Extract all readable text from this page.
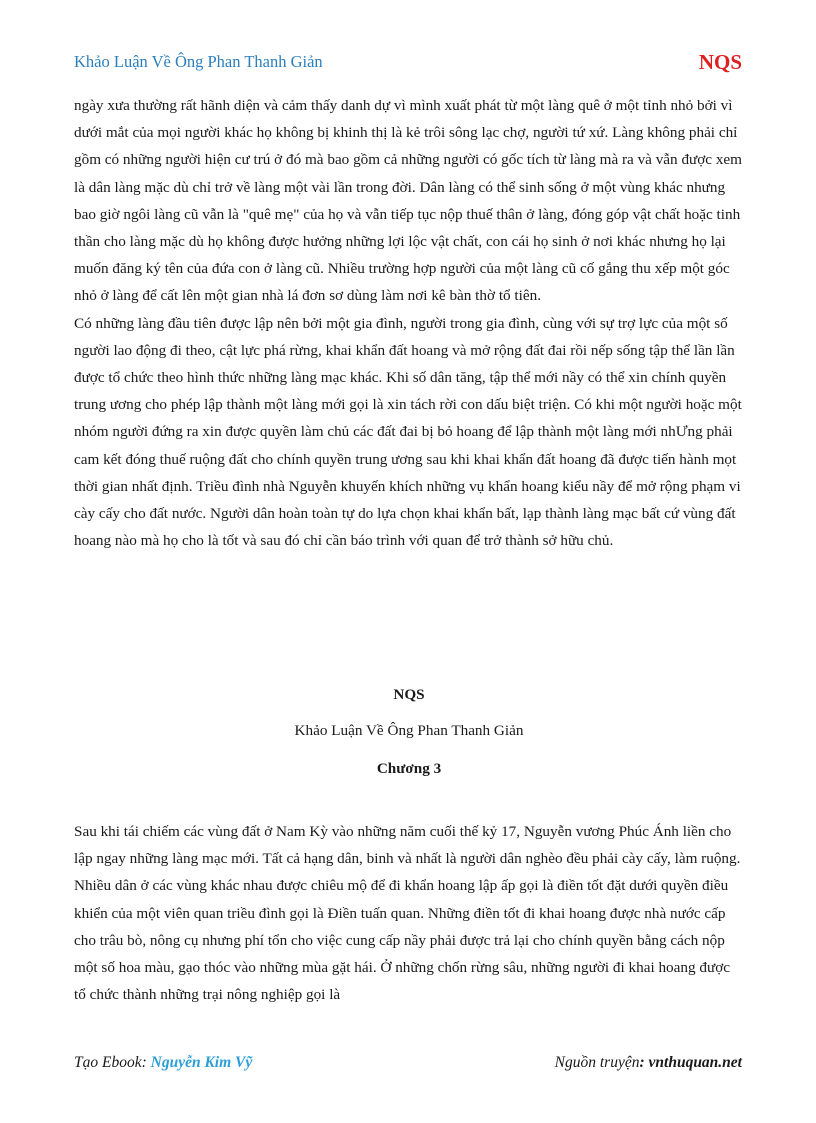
Khảo Luận Về Ông Phan Thanh Giản	NQS

ngày xưa thường rất hãnh diện và cảm thấy danh dự vì mình xuất phát từ một làng quê ở một tỉnh nhỏ bởi vì dưới mắt của mọi người khác họ không bị khinh thị là kẻ trôi sông lạc chợ, người tứ xứ. Làng không phải chỉ gồm có những người hiện cư trú ở đó mà bao gồm cả những người có gốc tích từ làng mà ra và vẫn được xem là dân làng mặc dù chỉ trở về làng một vài lần trong đời. Dân làng có thể sinh sống ở một vùng khác nhưng bao giờ ngôi làng cũ vẫn là "quê mẹ" của họ và vẫn tiếp tục nộp thuế thân ở làng, đóng góp vật chất hoặc tinh thần cho làng mặc dù họ không được hưởng những lợi lộc vật chất, con cái họ sinh ở nơi khác nhưng họ lại muốn đăng ký tên của đứa con ở làng cũ. Nhiều trường hợp người của một làng cũ cố gắng thu xếp một góc nhỏ ở làng để cất lên một gian nhà lá đơn sơ dùng làm nơi kê bàn thờ tổ tiên.

Có những làng đầu tiên được lập nên bởi một gia đình, người trong gia đình, cùng với sự trợ lực của một số người lao động đi theo, cật lực phá rừng, khai khẩn đất hoang và mở rộng đất đai rồi nếp sống tập thể lần lần được tổ chức theo hình thức những làng mạc khác. Khi số dân tăng, tập thể mới nầy có thể xin chính quyền trung ương cho phép lập thành một làng mới gọi là xin tách rời con dấu biệt triện. Có khi một người hoặc một nhóm người đứng ra xin được quyền làm chủ các đất đai bị bỏ hoang để lập thành một làng mới nhƯng phải cam kết đóng thuế ruộng đất cho chính quyền trung ương sau khi khai khẩn đất hoang đã được tiến hành mọt thời gian nhất định. Triều đình nhà Nguyễn khuyến khích những vụ khẩn hoang kiểu nầy để mở rộng phạm vi cày cấy cho đất nước. Người dân hoàn toàn tự do lựa chọn khai khẩn bất, lạp thành làng mạc bất cứ vùng đất hoang nào mà họ cho là tốt và sau đó chỉ cần báo trình với quan để trở thành sở hữu chủ.

NQS
Khảo Luận Về Ông Phan Thanh Giản
Chương 3

Sau khi tái chiếm các vùng đất ở Nam Kỳ vào những năm cuối thế kỷ 17, Nguyễn vương Phúc Ánh liền cho lập ngay những làng mạc mới. Tất cả hạng dân, binh và nhất là người dân nghèo đều phải cày cấy, làm ruộng. Nhiều dân ở các vùng khác nhau được chiêu mộ để đi khẩn hoang lập ấp gọi là điền tốt đặt dưới quyền điều khiển của một viên quan triều đình gọi là Điền tuấn quan. Những điền tốt đi khai hoang được nhà nước cấp cho trâu bò, nông cụ nhưng phí tổn cho việc cung cấp nầy phải được trả lại cho chính quyền bằng cách nộp một số hoa màu, gạo thóc vào những mùa gặt hái. Ở những chốn rừng sâu, những người đi khai hoang được tổ chức thành những trại nông nghiệp gọi là

Tạo Ebook: Nguyễn Kim Vỹ	Nguồn truyện: vnthuquan.net
